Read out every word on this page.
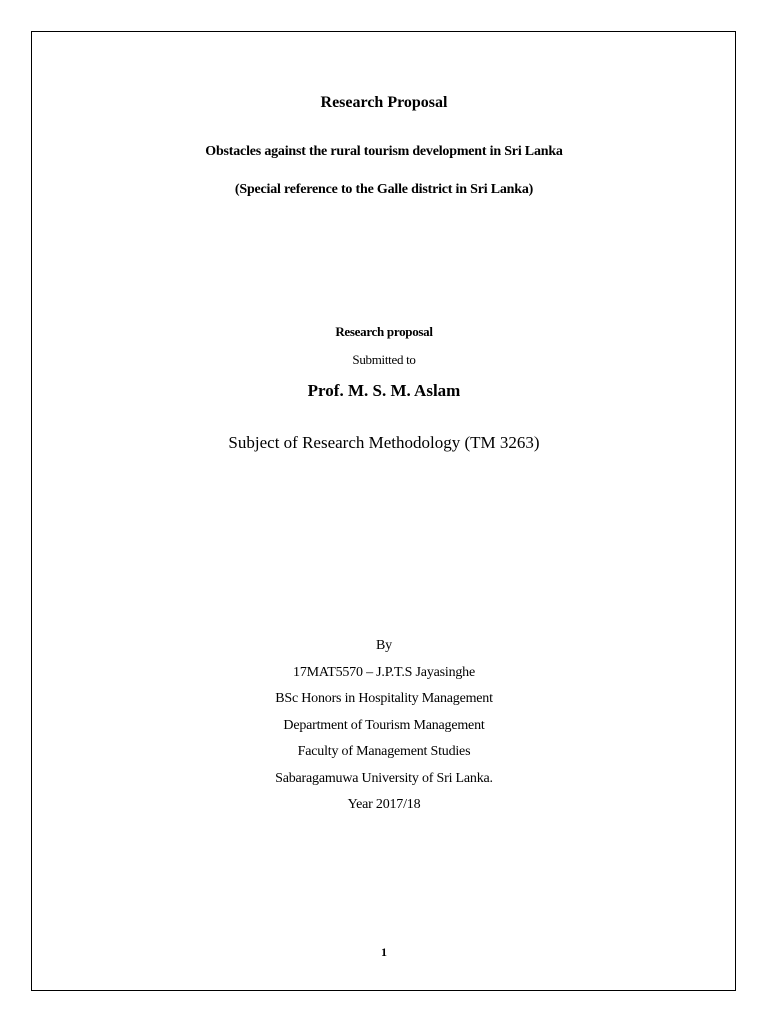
Research Proposal
Obstacles against the rural tourism development in Sri Lanka
(Special reference to the Galle district in Sri Lanka)
Research proposal
Submitted to
Prof. M. S. M. Aslam
Subject of Research Methodology (TM 3263)
By
17MAT5570 – J.P.T.S Jayasinghe
BSc Honors in Hospitality Management
Department of Tourism Management
Faculty of Management Studies
Sabaragamuwa University of Sri Lanka.
Year 2017/18
1
